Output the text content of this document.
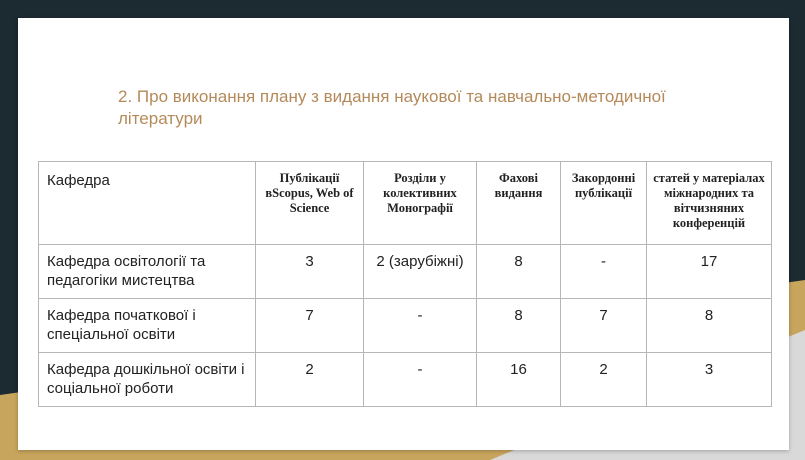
2. Про виконання плану з видання наукової та навчально-методичної літератури
Кафедра	Публікації вScopus, Web of Science	Розділи у колективних Монографії	Фахові видання	Закордонні публікації	статей у матеріалах міжнародних та вітчизняних конференцій
Кафедра освітології та педагогіки мистецтва	3	2 (зарубіжні)	8	-	17
Кафедра початкової і спеціальної освіти	7	-	8	7	8
Кафедра дошкільної освіти і соціальної роботи	2	-	16	2	3
